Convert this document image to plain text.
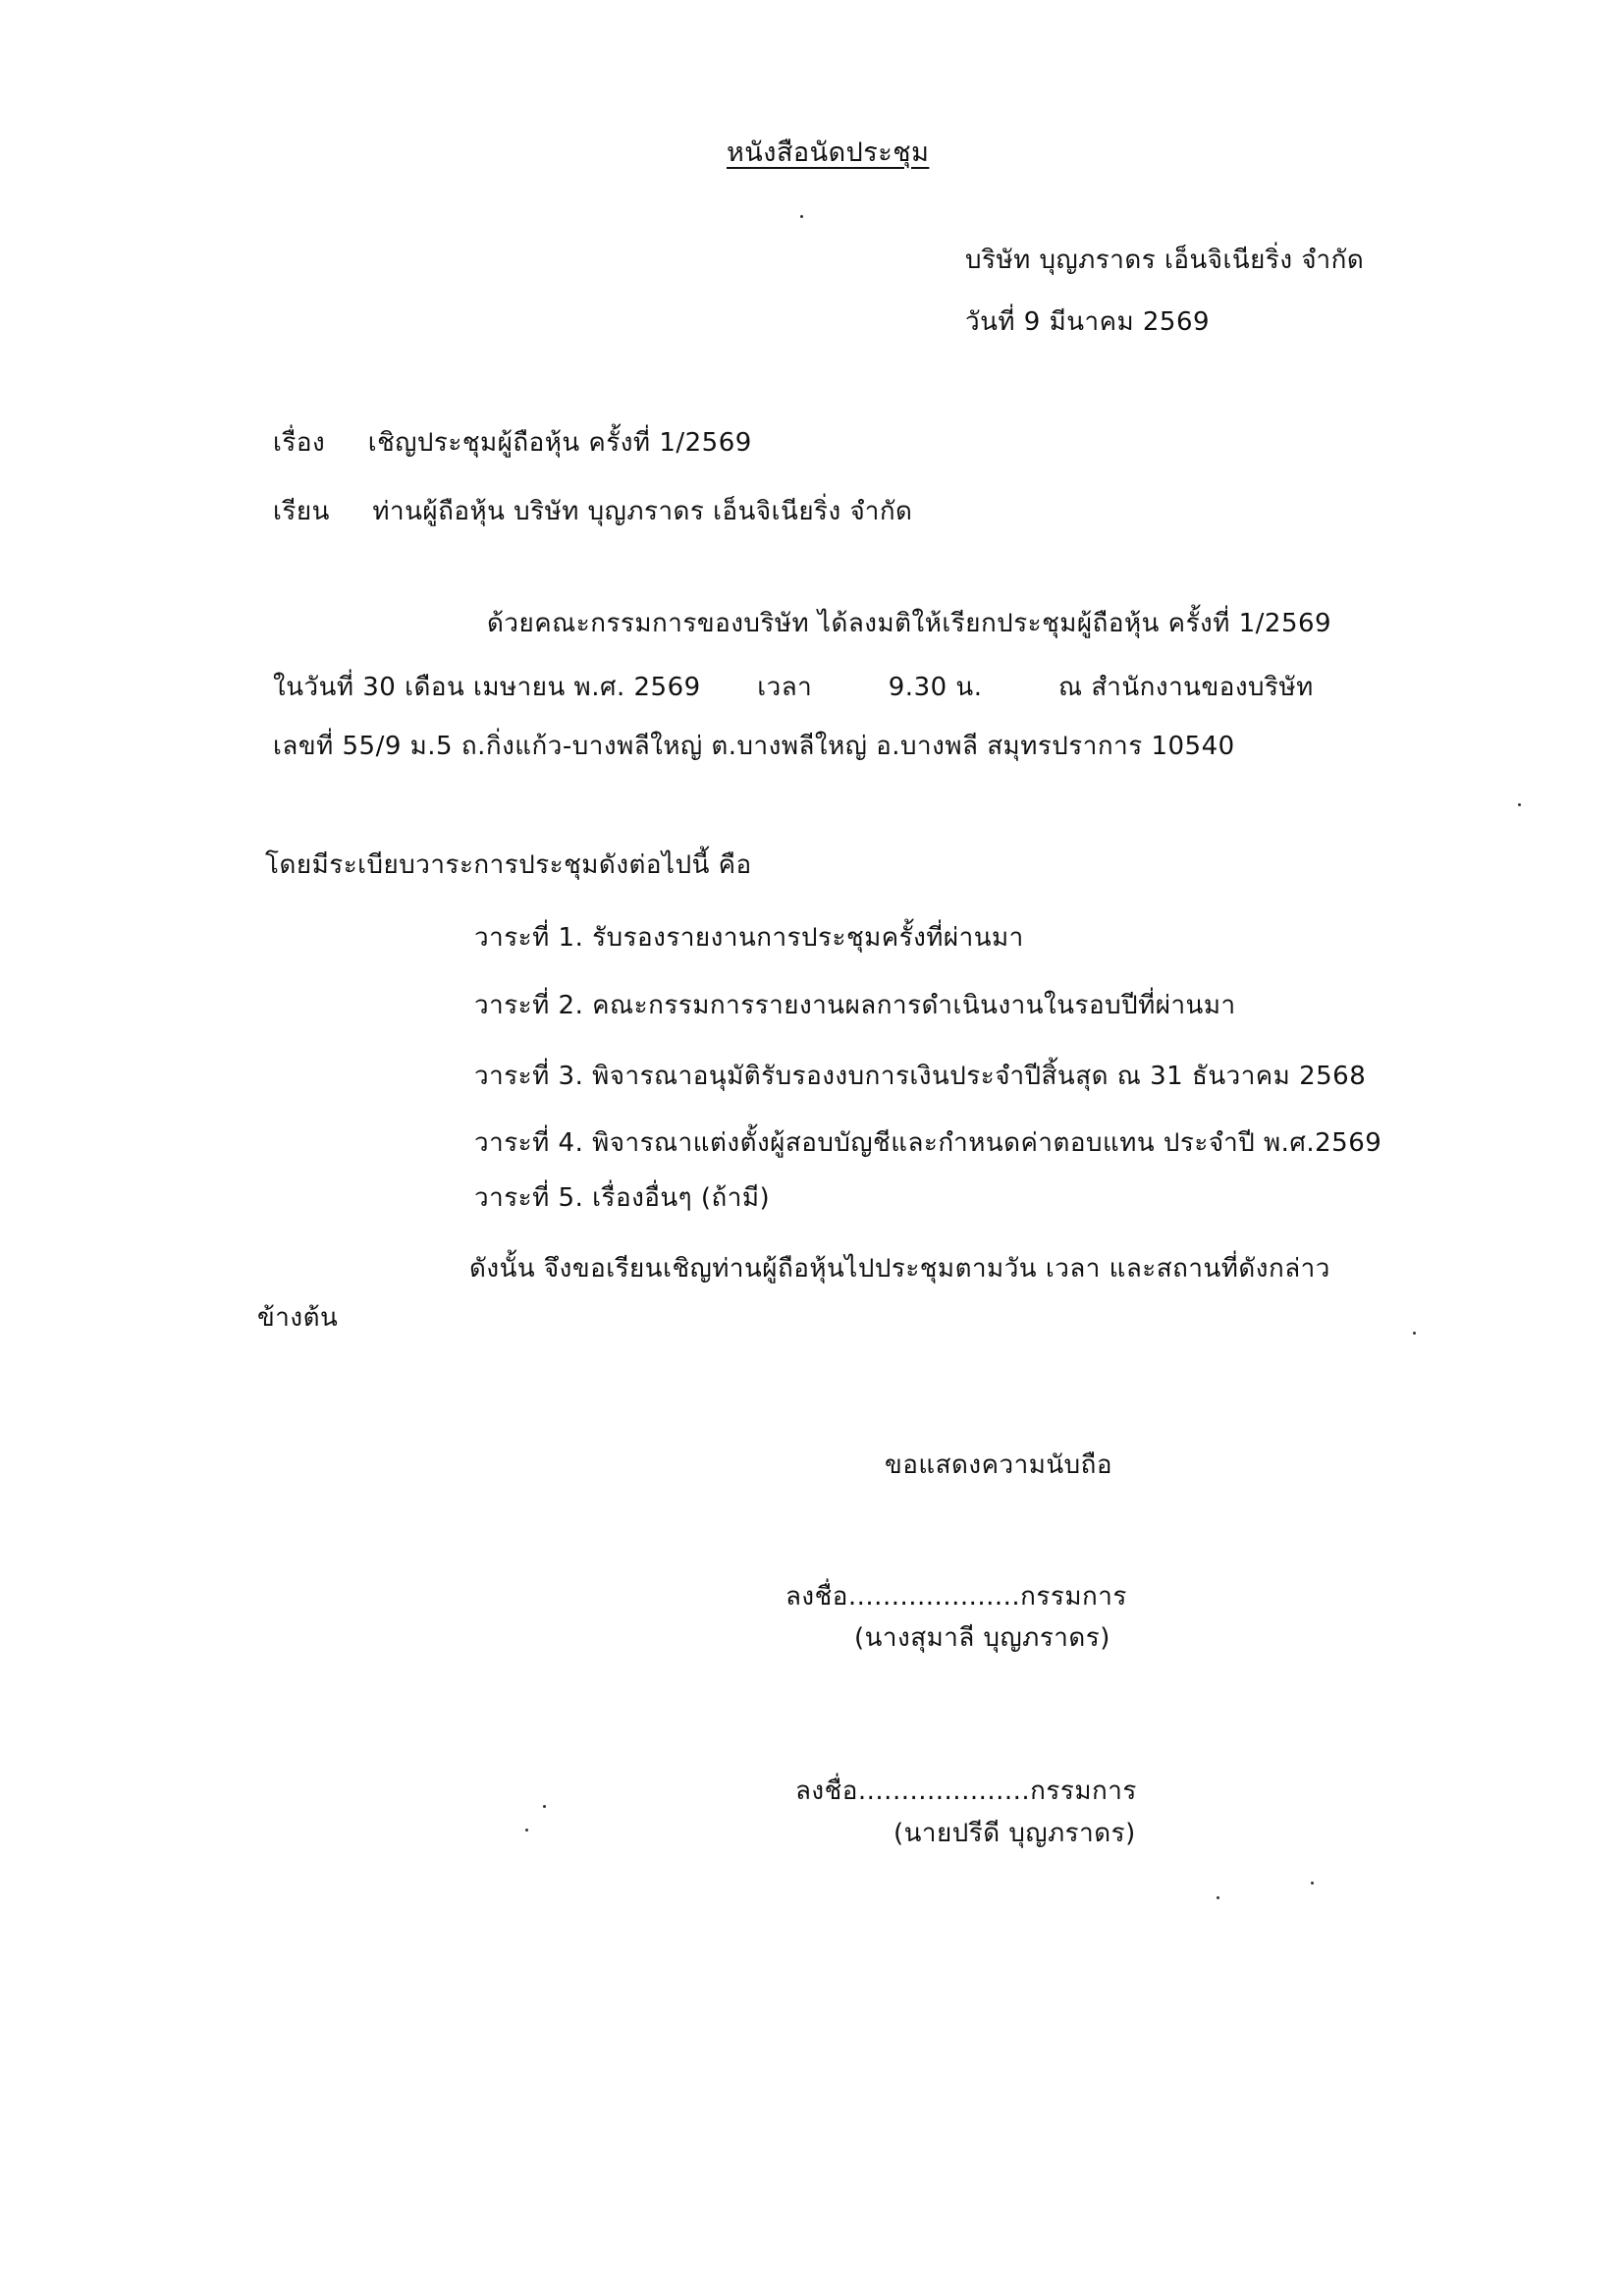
หนังสือนัดประชุม
บริษัท บุญภราดร เอ็นจิเนียริ่ง จำกัด
วันที่ 9 มีนาคม 2569
เรื่อง เชิญประชุมผู้ถือหุ้น ครั้งที่ 1/2569
เรียน ท่านผู้ถือหุ้น บริษัท บุญภราดร เอ็นจิเนียริ่ง จำกัด
ด้วยคณะกรรมการของบริษัท ได้ลงมติให้เรียกประชุมผู้ถือหุ้น ครั้งที่ 1/2569
ในวันที่ 30 เดือน เมษายน พ.ศ. 2569 เวลา	9.30 น.	ณ สำนักงานของบริษัท
เลขที่ 55/9 ม.5 ถ.กิ่งแก้ว-บางพลีใหญ่ ต.บางพลีใหญ่ อ.บางพลี สมุทรปราการ 10540
โดยมีระเบียบวาระการประชุมดังต่อไปนี้ คือ
วาระที่ 1. รับรองรายงานการประชุมครั้งที่ผ่านมา
วาระที่ 2. คณะกรรมการรายงานผลการดำเนินงานในรอบปีที่ผ่านมา
วาระที่ 3. พิจารณาอนุมัติรับรองงบการเงินประจำปีสิ้นสุด ณ 31 ธันวาคม 2568
วาระที่ 4. พิจารณาแต่งตั้งผู้สอบบัญชีและกำหนดค่าตอบแทน ประจำปี พ.ศ.2569
วาระที่ 5. เรื่องอื่นๆ (ถ้ามี)
ดังนั้น จึงขอเรียนเชิญท่านผู้ถือหุ้นไปประชุมตามวัน เวลา และสถานที่ดังกล่าว
ข้างต้น
ขอแสดงความนับถือ
ลงชื่อ....................กรรมการ
(นางสุมาลี บุญภราดร)
ลงชื่อ....................กรรมการ
(นายปรีดี บุญภราดร)
